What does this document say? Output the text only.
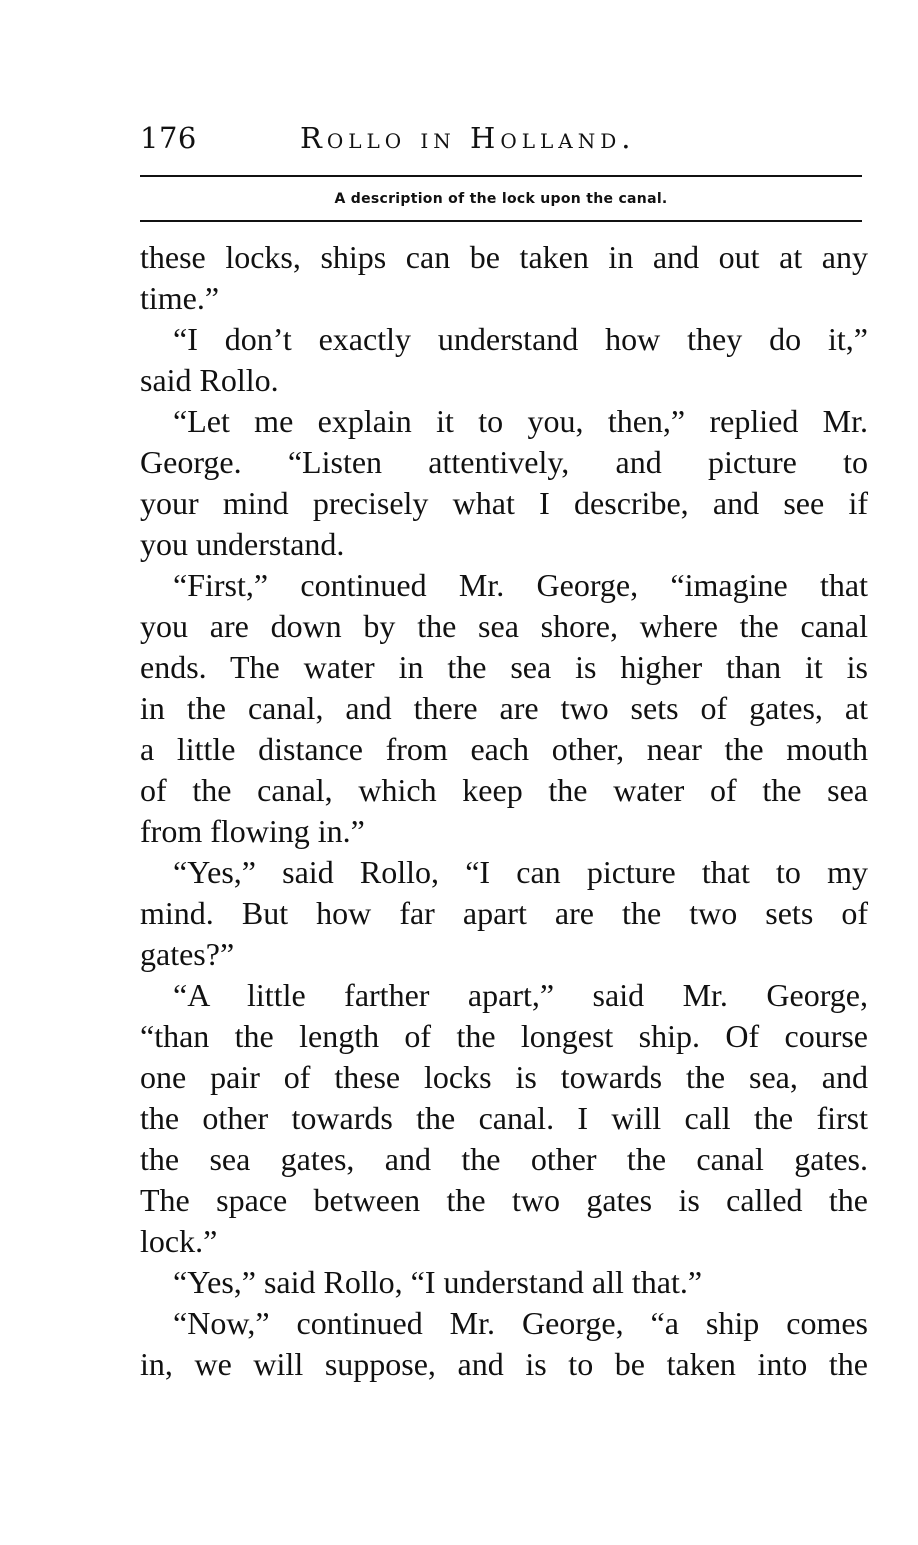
176	Rollo in Holland.
A description of the lock upon the canal.
these locks, ships can be taken in and out at any
time.”
“I don’t exactly understand how they do it,”
said Rollo.
“Let me explain it to you, then,” replied Mr.
George. “Listen attentively, and picture to
your mind precisely what I describe, and see if
you understand.
“First,” continued Mr. George, “imagine that
you are down by the sea shore, where the canal
ends. The water in the sea is higher than it is
in the canal, and there are two sets of gates, at
a little distance from each other, near the mouth
of the canal, which keep the water of the sea
from flowing in.”
“Yes,” said Rollo, “I can picture that to my
mind. But how far apart are the two sets of
gates?”
“A little farther apart,” said Mr. George,
“than the length of the longest ship. Of course
one pair of these locks is towards the sea, and
the other towards the canal. I will call the first
the sea gates, and the other the canal gates.
The space between the two gates is called the
lock.”
“Yes,” said Rollo, “I understand all that.”
“Now,” continued Mr. George, “a ship comes
in, we will suppose, and is to be taken into the
